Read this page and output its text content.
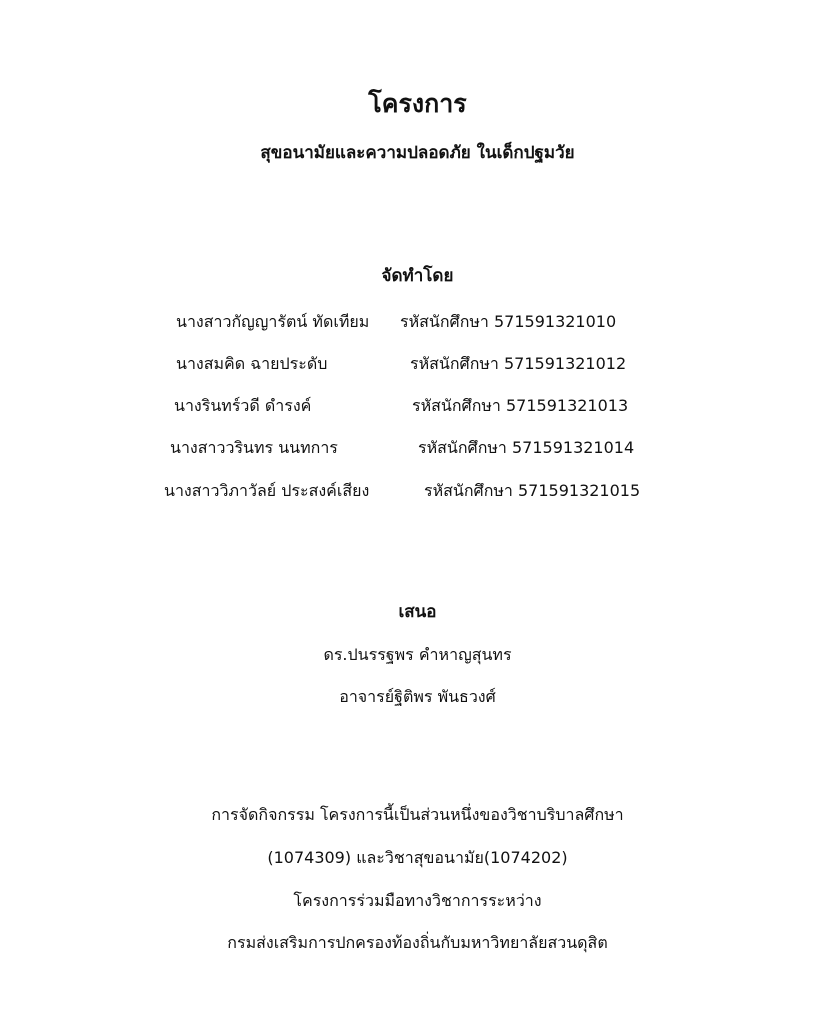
โครงการ
สุขอนามัยและความปลอดภัย ในเด็กปฐมวัย
จัดทำโดย
นางสาวกัญญารัตน์ ทัดเทียม รหัสนักศึกษา 571591321010
นางสมคิด ฉายประดับ	รหัสนักศึกษา 571591321012
นางรินทร์วดี ดำรงค์	รหัสนักศึกษา 571591321013
นางสาววรินทร นนทการ	รหัสนักศึกษา 571591321014
นางสาววิภาวัลย์ ประสงค์เสียง	รหัสนักศึกษา 571591321015
เสนอ
ดร.ปนรรฐพร คำหาญสุนทร
อาจารย์ฐิติพร พันธวงศ์
การจัดกิจกรรม โครงการนี้เป็นส่วนหนึ่งของวิชาบริบาลศึกษา
(1074309) และวิชาสุขอนามัย(1074202)
โครงการร่วมมือทางวิชาการระหว่าง
กรมส่งเสริมการปกครองท้องถิ่นกับมหาวิทยาลัยสวนดุสิต
